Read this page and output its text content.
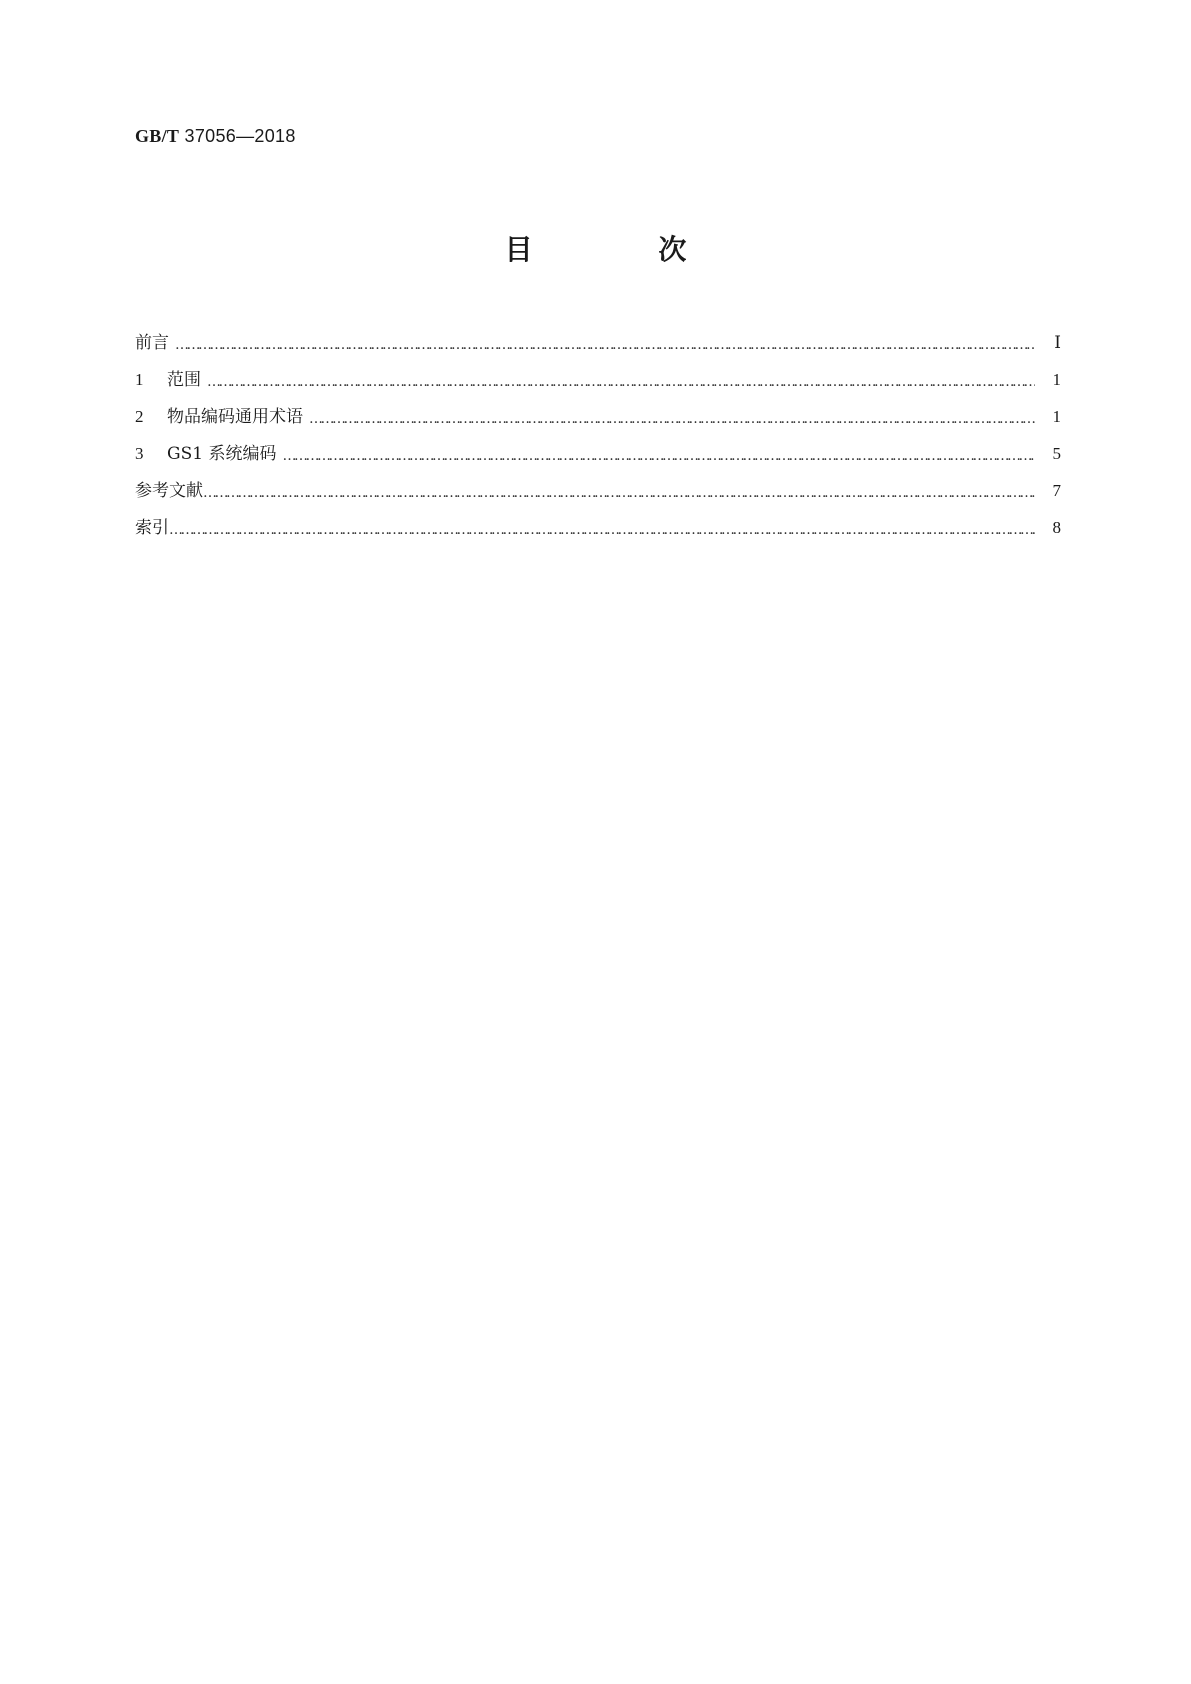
GB/T 37056—2018
目 次
前言 ……………………………………………………………………………………………………………………………………………………………………………………………………………………………………………………………………	Ⅰ
1	范围 ……………………………………………………………………………………………………………………………………………………………………………………………………………………………………………………………………	1
2	物品编码通用术语 ……………………………………………………………………………………………………………………………………………………………………………………………………………………………………………………………………	1
3	GS1 系统编码 ……………………………………………………………………………………………………………………………………………………………………………………………………………………………………………………………………	5
参考文献 ……………………………………………………………………………………………………………………………………………………………………………………………………………………………………………………………………	7
索引 ……………………………………………………………………………………………………………………………………………………………………………………………………………………………………………………………………	8
